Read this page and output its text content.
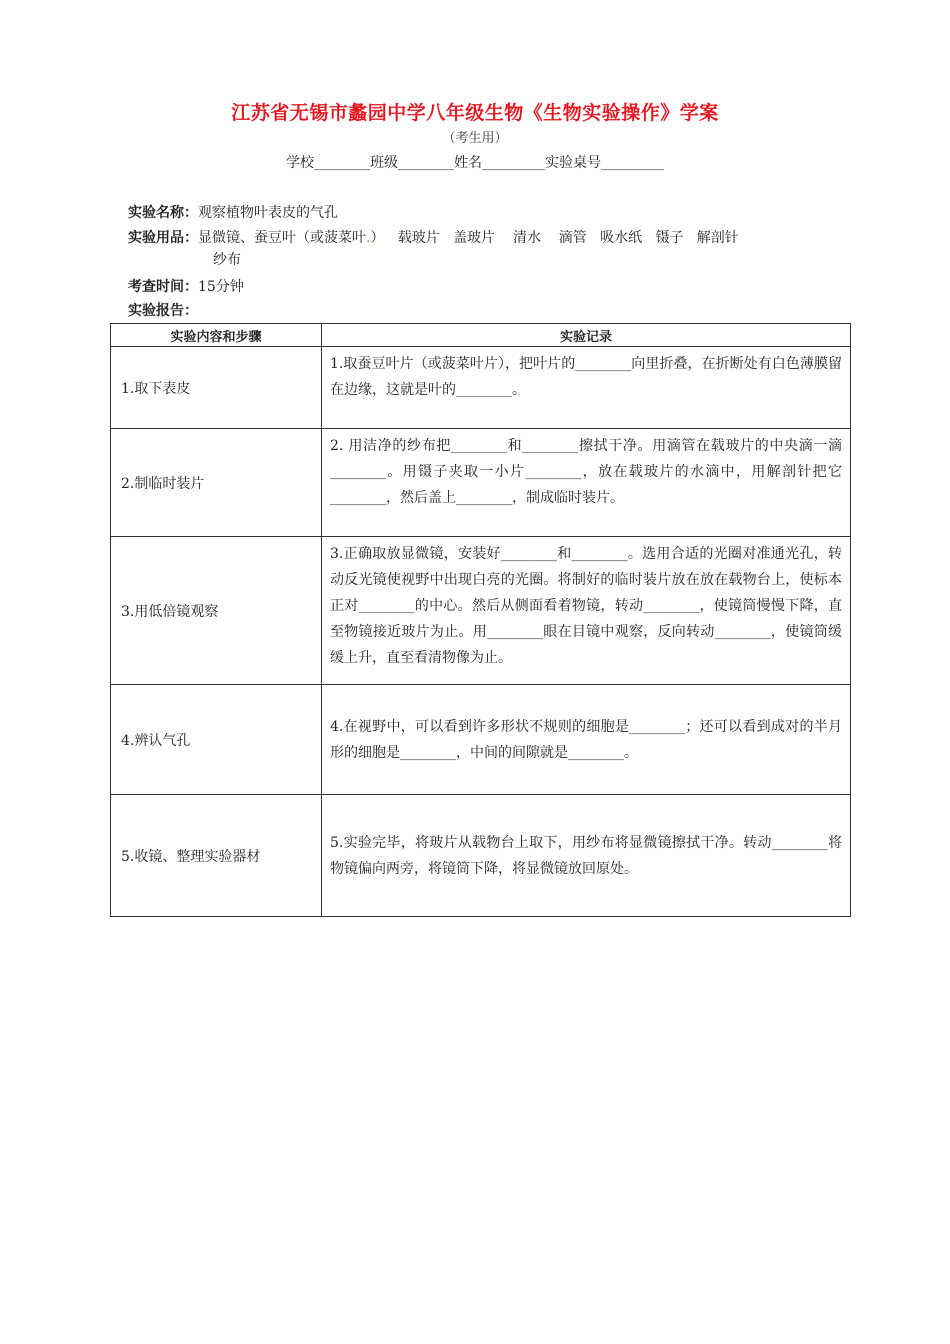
江苏省无锡市蠡园中学八年级生物《生物实验操作》学案
（考生用）
学校________班级________姓名_________实验桌号_________
实验名称：观察植物叶表皮的气孔
实验用品：显微镜、蚕豆叶（或菠菜叶.）   载玻片   盖玻片    清水    滴管   吸水纸   镊子   解剖针
纱布
考查时间：15分钟
实验报告：
实验内容和步骤	实验记录
1.取下表皮	1.取蚕豆叶片（或菠菜叶片），把叶片的________向里折叠，在折断处有白色薄膜留在边缘，这就是叶的________。
2.制临时装片	2. 用洁净的纱布把________和________擦拭干净。用滴管在载玻片的中央滴一滴________。用镊子夹取一小片________，放在载玻片的水滴中，用解剖针把它________，然后盖上________，制成临时装片。
3.用低倍镜观察	3.正确取放显微镜，安装好________和________。选用合适的光圈对准通光孔，转动反光镜使视野中出现白亮的光圈。将制好的临时装片放在放在载物台上，使标本正对________的中心。然后从侧面看着物镜，转动________，使镜筒慢慢下降，直至物镜接近玻片为止。用________眼在目镜中观察，反向转动________，使镜筒缓缓上升，直至看清物像为止。
4.辨认气孔	4.在视野中，可以看到许多形状不规则的细胞是________；还可以看到成对的半月形的细胞是________，中间的间隙就是________。
5.收镜、整理实验器材	5.实验完毕，将玻片从载物台上取下，用纱布将显微镜擦拭干净。转动________将物镜偏向两旁，将镜筒下降，将显微镜放回原处。
